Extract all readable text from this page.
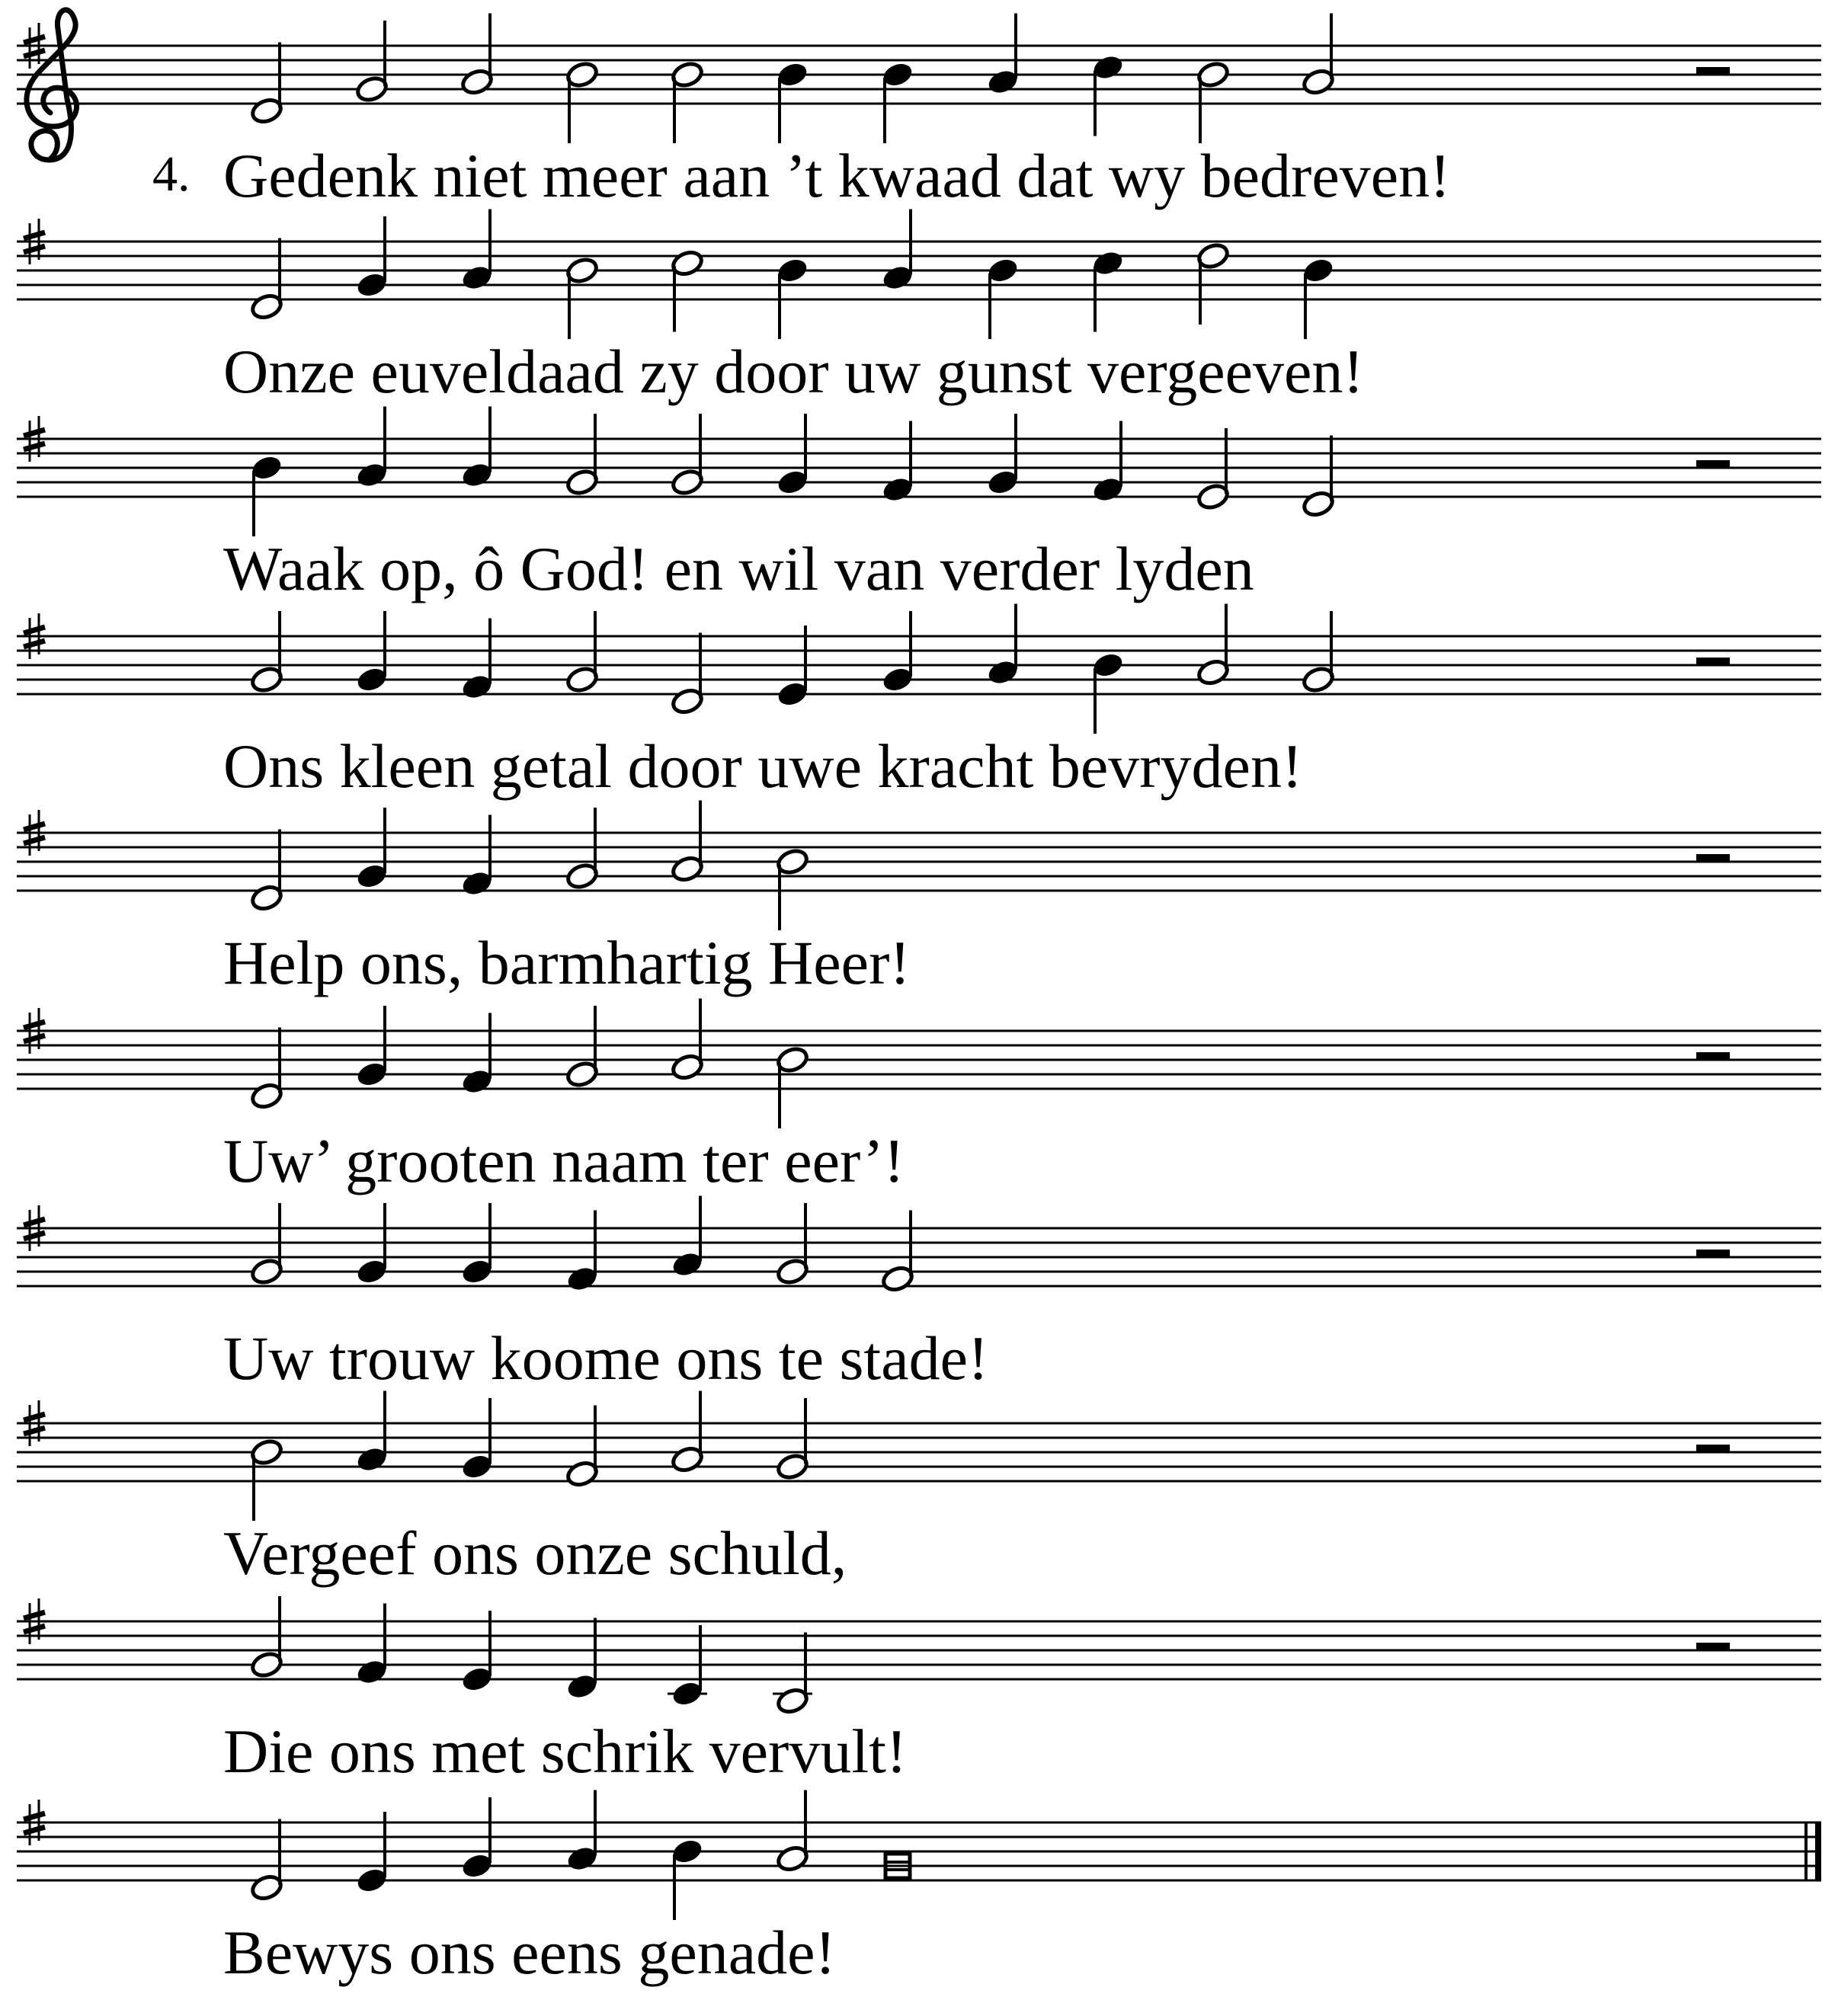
4. Gedenk niet meer aan ’t kwaad dat wy bedreven!
Onze euveldaad zy door uw gunst vergeeven!
Waak op, ô God! en wil van verder lyden
Ons kleen getal door uwe kracht bevryden!
Help ons, barmhartig Heer!
Uw’ grooten naam ter eer’!
Uw trouw koome ons te stade!
Vergeef ons onze schuld,
Die ons met schrik vervult!
Bewys ons eens genade!
